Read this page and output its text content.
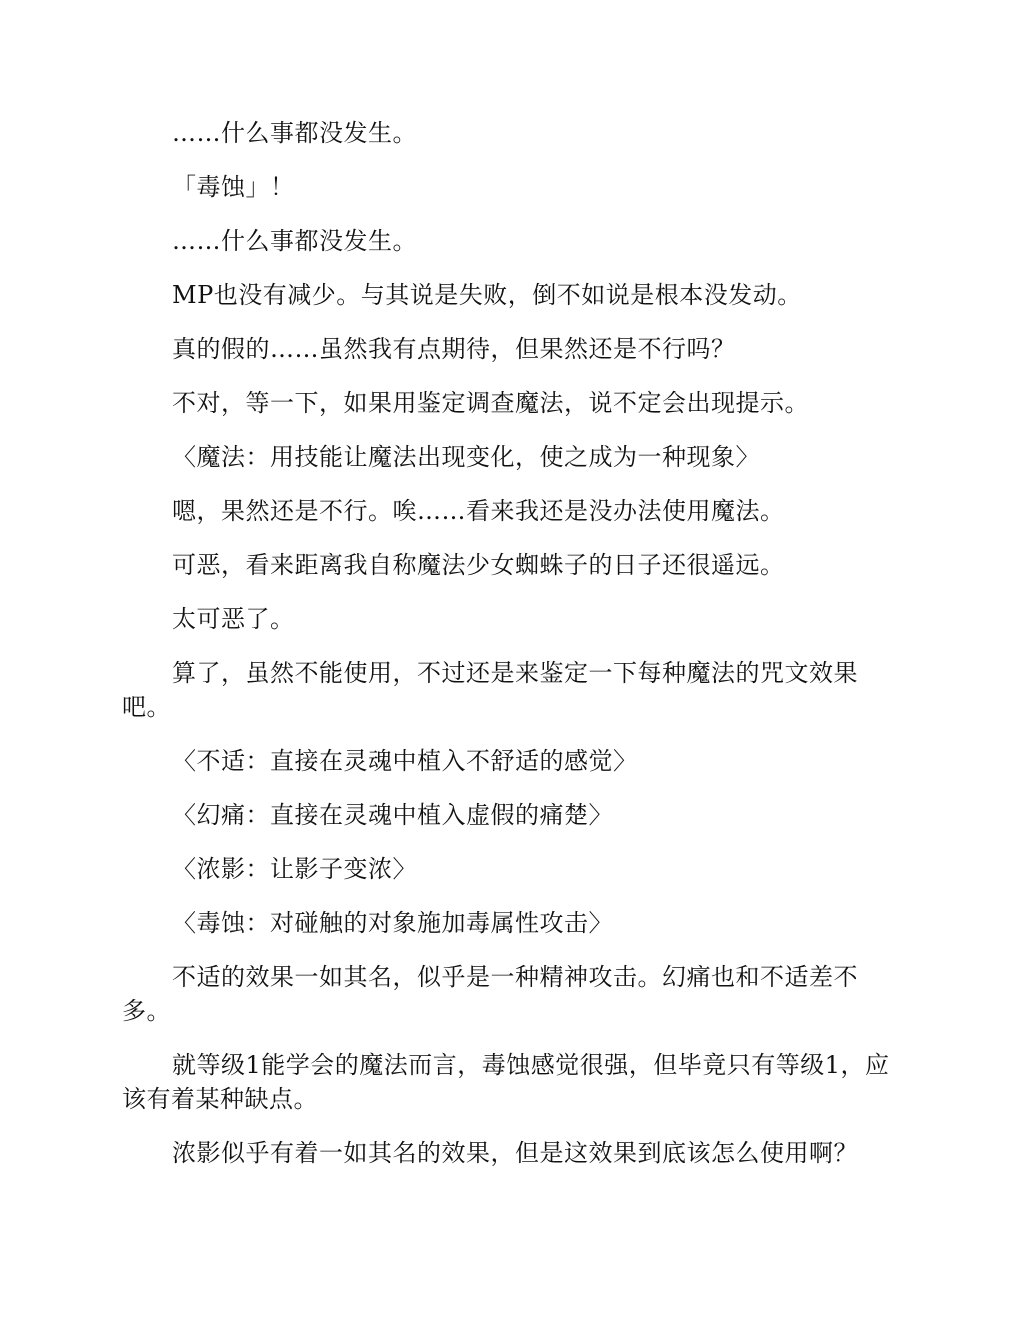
……什么事都没发生。

「毒蚀」！

……什么事都没发生。

MP也没有减少。与其说是失败，倒不如说是根本没发动。

真的假的……虽然我有点期待，但果然还是不行吗？

不对，等一下，如果用鉴定调查魔法，说不定会出现提示。

〈魔法：用技能让魔法出现变化，使之成为一种现象〉

嗯，果然还是不行。唉……看来我还是没办法使用魔法。

可恶，看来距离我自称魔法少女蜘蛛子的日子还很遥远。

太可恶了。

算了，虽然不能使用，不过还是来鉴定一下每种魔法的咒文效果吧。

〈不适：直接在灵魂中植入不舒适的感觉〉

〈幻痛：直接在灵魂中植入虚假的痛楚〉

〈浓影：让影子变浓〉

〈毒蚀：对碰触的对象施加毒属性攻击〉

不适的效果一如其名，似乎是一种精神攻击。幻痛也和不适差不多。

就等级1能学会的魔法而言，毒蚀感觉很强，但毕竟只有等级1，应该有着某种缺点。

浓影似乎有着一如其名的效果，但是这效果到底该怎么使用啊？
